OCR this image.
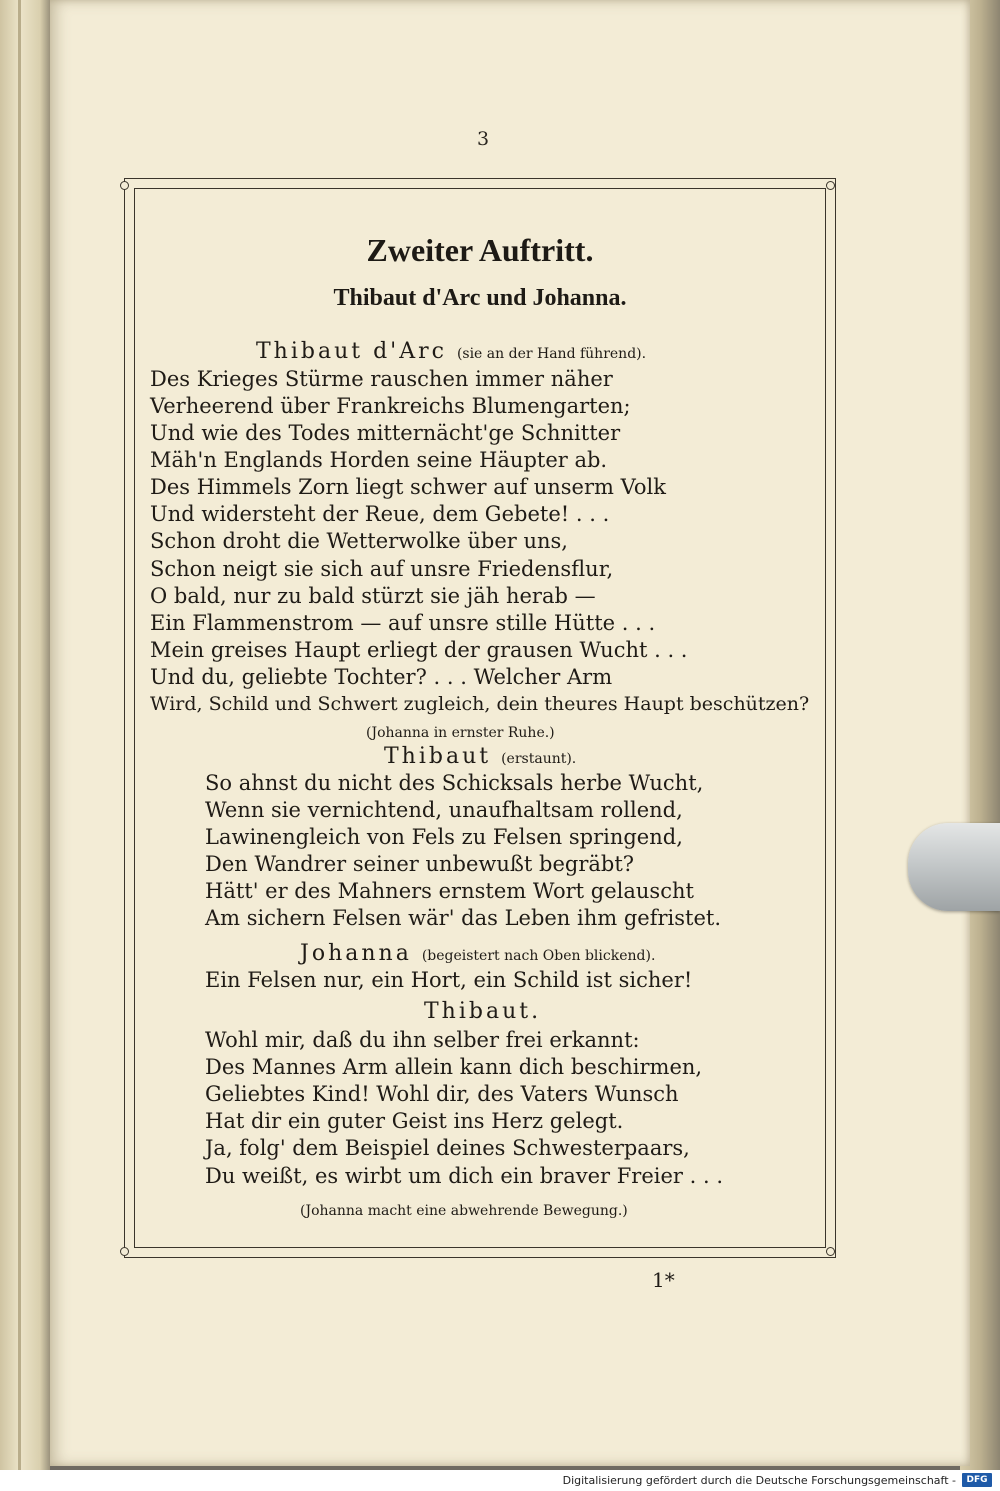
3
Zweiter Auftritt.
Thibaut d'Arc und Johanna.
Thibaut d'Arc (sie an der Hand führend).
Des Krieges Stürme rauschen immer näher
Verheerend über Frankreichs Blumengarten;
Und wie des Todes mitternächt'ge Schnitter
Mäh'n Englands Horden seine Häupter ab.
Des Himmels Zorn liegt schwer auf unserm Volk
Und widersteht der Reue, dem Gebete! . . .
Schon droht die Wetterwolke über uns,
Schon neigt sie sich auf unsre Friedensflur,
O bald, nur zu bald stürzt sie jäh herab —
Ein Flammenstrom — auf unsre stille Hütte . . .
Mein greises Haupt erliegt der grausen Wucht . . .
Und du, geliebte Tochter? . . . Welcher Arm
Wird, Schild und Schwert zugleich, dein theures Haupt beschützen?
(Johanna in ernster Ruhe.)
Thibaut (erstaunt).
So ahnst du nicht des Schicksals herbe Wucht,
Wenn sie vernichtend, unaufhaltsam rollend,
Lawinengleich von Fels zu Felsen springend,
Den Wandrer seiner unbewußt begräbt?
Hätt' er des Mahners ernstem Wort gelauscht
Am sichern Felsen wär' das Leben ihm gefristet.
Johanna (begeistert nach Oben blickend).
Ein Felsen nur, ein Hort, ein Schild ist sicher!
Thibaut.
Wohl mir, daß du ihn selber frei erkannt:
Des Mannes Arm allein kann dich beschirmen,
Geliebtes Kind! Wohl dir, des Vaters Wunsch
Hat dir ein guter Geist ins Herz gelegt.
Ja, folg' dem Beispiel deines Schwesterpaars,
Du weißt, es wirbt um dich ein braver Freier . . .
(Johanna macht eine abwehrende Bewegung.)
1*
Digitalisierung gefördert durch die Deutsche Forschungsgemeinschaft -	DFG
